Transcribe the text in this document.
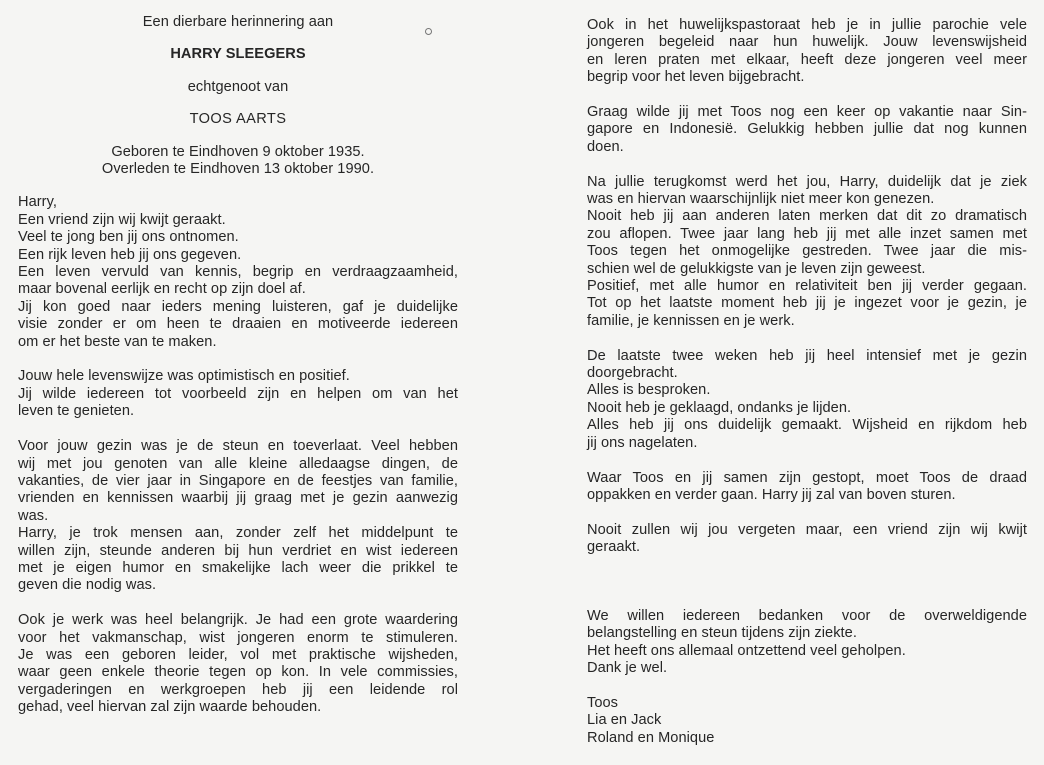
Een dierbare herinnering aan
HARRY SLEEGERS
echtgenoot van
TOOS AARTS
Geboren te Eindhoven 9 oktober 1935.
Overleden te Eindhoven 13 oktober 1990.
Harry,
Een vriend zijn wij kwijt geraakt.
Veel te jong ben jij ons ontnomen.
Een rijk leven heb jij ons gegeven.
Een leven vervuld van kennis, begrip en verdraagzaamheid,
maar bovenal eerlijk en recht op zijn doel af.
Jij kon goed naar ieders mening luisteren, gaf je duidelijke
visie zonder er om heen te draaien en motiveerde iedereen
om er het beste van te maken.
Jouw hele levenswijze was optimistisch en positief.
Jij wilde iedereen tot voorbeeld zijn en helpen om van het
leven te genieten.
Voor jouw gezin was je de steun en toeverlaat. Veel hebben
wij met jou genoten van alle kleine alledaagse dingen, de
vakanties, de vier jaar in Singapore en de feestjes van familie,
vrienden en kennissen waarbij jij graag met je gezin aanwezig
was.
Harry, je trok mensen aan, zonder zelf het middelpunt te
willen zijn, steunde anderen bij hun verdriet en wist iedereen
met je eigen humor en smakelijke lach weer die prikkel te
geven die nodig was.
Ook je werk was heel belangrijk. Je had een grote waardering
voor het vakmanschap, wist jongeren enorm te stimuleren.
Je was een geboren leider, vol met praktische wijsheden,
waar geen enkele theorie tegen op kon. In vele commissies,
vergaderingen en werkgroepen heb jij een leidende rol
gehad, veel hiervan zal zijn waarde behouden.
Ook in het huwelijkspastoraat heb je in jullie parochie vele
jongeren begeleid naar hun huwelijk. Jouw levenswijsheid
en leren praten met elkaar, heeft deze jongeren veel meer
begrip voor het leven bijgebracht.
Graag wilde jij met Toos nog een keer op vakantie naar Sin-
gapore en Indonesië. Gelukkig hebben jullie dat nog kunnen
doen.
Na jullie terugkomst werd het jou, Harry, duidelijk dat je ziek
was en hiervan waarschijnlijk niet meer kon genezen.
Nooit heb jij aan anderen laten merken dat dit zo dramatisch
zou aflopen. Twee jaar lang heb jij met alle inzet samen met
Toos tegen het onmogelijke gestreden. Twee jaar die mis-
schien wel de gelukkigste van je leven zijn geweest.
Positief, met alle humor en relativiteit ben jij verder gegaan.
Tot op het laatste moment heb jij je ingezet voor je gezin, je
familie, je kennissen en je werk.
De laatste twee weken heb jij heel intensief met je gezin
doorgebracht.
Alles is besproken.
Nooit heb je geklaagd, ondanks je lijden.
Alles heb jij ons duidelijk gemaakt. Wijsheid en rijkdom heb
jij ons nagelaten.
Waar Toos en jij samen zijn gestopt, moet Toos de draad
oppakken en verder gaan. Harry jij zal van boven sturen.
Nooit zullen wij jou vergeten maar, een vriend zijn wij kwijt
geraakt.
We willen iedereen bedanken voor de overweldigende
belangstelling en steun tijdens zijn ziekte.
Het heeft ons allemaal ontzettend veel geholpen.
Dank je wel.
Toos
Lia en Jack
Roland en Monique
